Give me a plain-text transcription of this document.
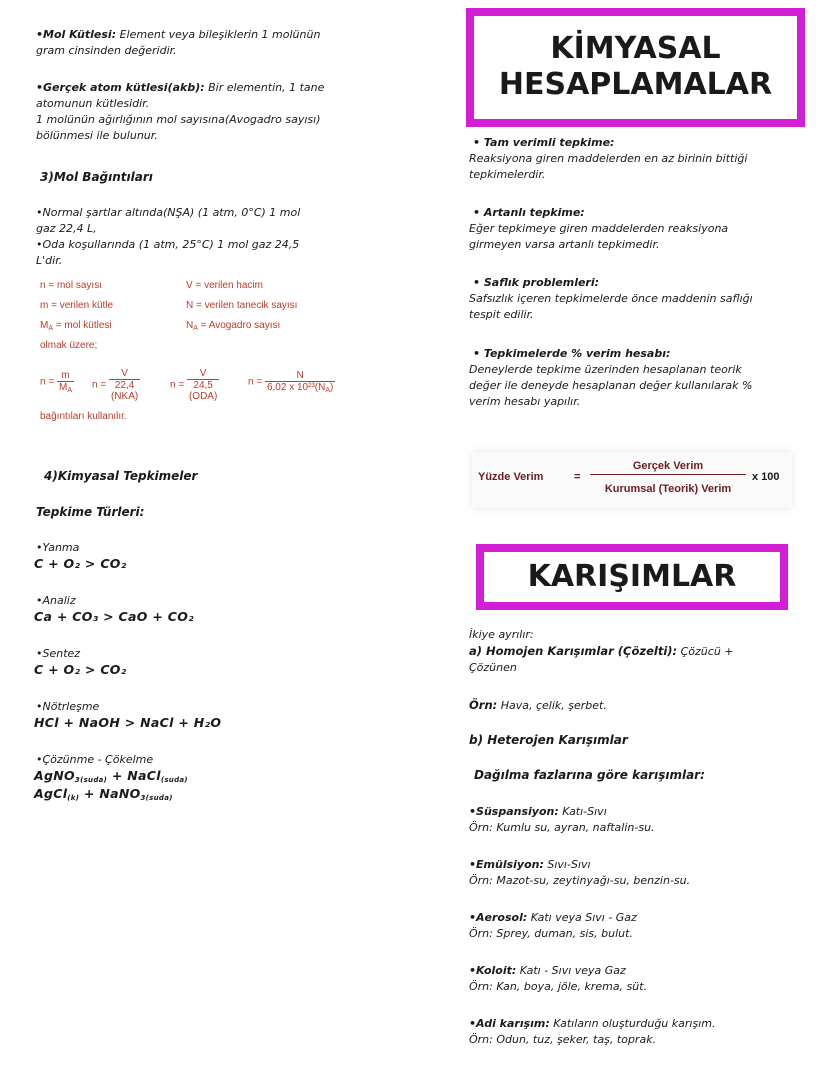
•Mol Kütlesi: Element veya bileşiklerin 1 molünün
gram cinsinden değeridir.
•Gerçek atom kütlesi(akb): Bir elementin, 1 tane
atomunun kütlesidir.
1 molünün ağırlığının mol sayısına(Avogadro sayısı)
bölünmesi ile bulunur.
3)Mol Bağıntıları
•Normal şartlar altında(NŞA) (1 atm, 0°C) 1 mol
gaz 22,4 L,
•Oda koşullarında (1 atm, 25°C) 1 mol gaz 24,5
L'dir.
n = mol sayısı	V = verilen hacim
m = verilen kütle	N = verilen tanecik sayısı
$M_A$ = mol kütlesi	$N_A$ = Avogadro sayısı
olmak üzere;
$n = \frac{m}{M_A}$ n =
V
22,4
(NKA)
n =
V
24,5
(ODA)
$n = \frac{N}{6,02 x 10^{23}(N_A)}$
bağıntıları kullanılır.
4)Kimyasal Tepkimeler
Tepkime Türleri:
•Yanma
C + O₂ > CO₂
•Analiz
Ca + CO₃ > CaO + CO₂
•Sentez
C + O₂ > CO₂
•Nötrleşme
HCl + NaOH > NaCl + H₂O
•Çözünme - Çökelme
AgNO$_{3(suda)}$ + NaCl$_{(suda)}$
AgCl$_{(k)}$ + NaNO$_{3(suda)}$
KİMYASAL
HESAPLAMALAR
• Tam verimli tepkime:
Reaksiyona giren maddelerden en az birinin bittiği
tepkimelerdir.
• Artanlı tepkime:
Eğer tepkimeye giren maddelerden reaksiyona
girmeyen varsa artanlı tepkimedir.
• Saflık problemleri:
Safsızlık içeren tepkimelerde önce maddenin saflığı
tespit edilir.
• Tepkimelerde % verim hesabı:
Deneylerde tepkime üzerinden hesaplanan teorik
değer ile deneyde hesaplanan değer kullanılarak %
verim hesabı yapılır.
Yüzde Verim	=
Gerçek Verim
Kurumsal (Teorik) Verim
x 100
KARIŞIMLAR
İkiye ayrılır:
a) Homojen Karışımlar (Çözelti): Çözücü +
Çözünen
Örn: Hava, çelik, şerbet.
b) Heterojen Karışımlar
Dağılma fazlarına göre karışımlar:
•Süspansiyon: Katı-Sıvı
Örn: Kumlu su, ayran, naftalin-su.
•Emülsiyon: Sıvı-Sıvı
Örn: Mazot-su, zeytinyağı-su, benzin-su.
•Aerosol: Katı veya Sıvı - Gaz
Örn: Sprey, duman, sis, bulut.
•Koloit: Katı - Sıvı veya Gaz
Örn: Kan, boya, jöle, krema, süt.
•Adi karışım: Katıların oluşturduğu karışım.
Örn: Odun, tuz, şeker, taş, toprak.
